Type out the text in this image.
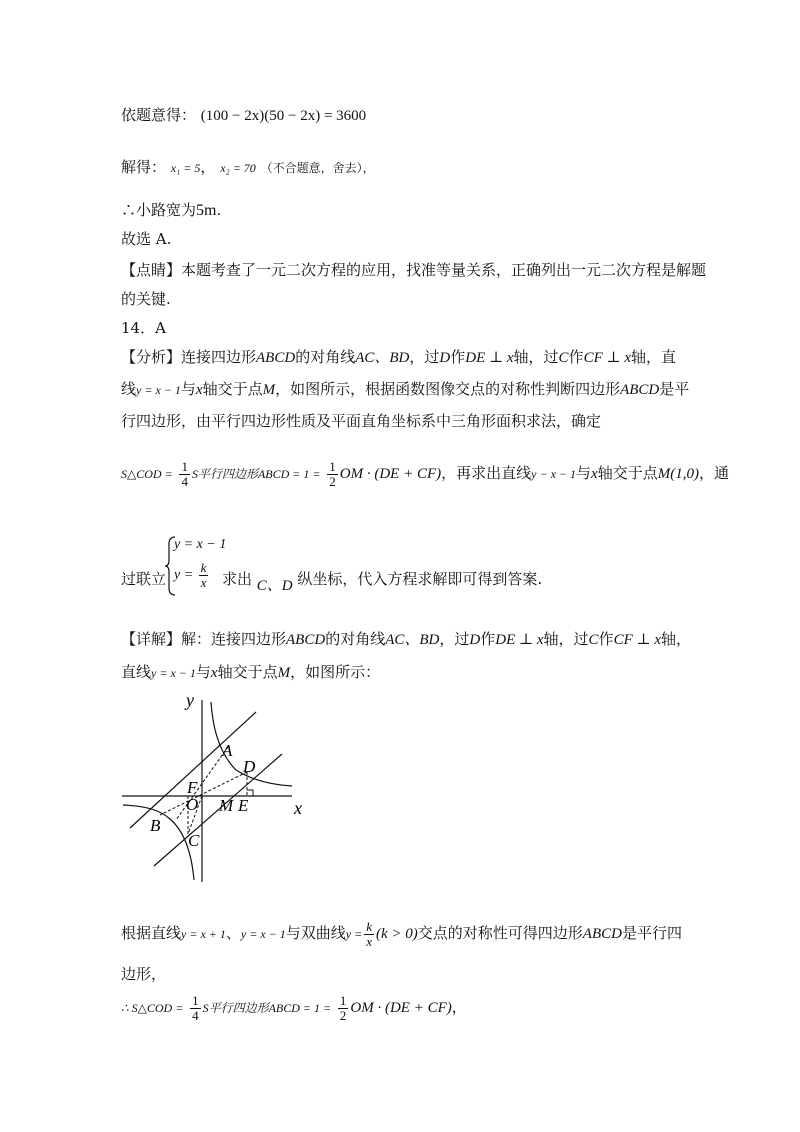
依题意得： (100 − 2x)(50 − 2x) = 3600
解得： x₁ = 5， x₂ = 70 （不合题意，舍去），
∴小路宽为5m.
故选 A.
【点睛】本题考查了一元二次方程的应用，找准等量关系，正确列出一元二次方程是解题
的关键.
14．A
【分析】连接四边形ABCD的对角线AC、BD，过D作DE ⊥ x轴，过C作CF ⊥ x轴，直
线y = x − 1与x轴交于点M，如图所示，根据函数图像交点的对称性判断四边形ABCD是平
行四边形，由平行四边形性质及平面直角坐标系中三角形面积求法，确定
S△COD = $\frac{1}{4}$ S平行四边形ABCD = $1 = \frac{1}{2}$ OM · (DE + CF)，再求出直线y − x − 1与x轴交于点M(1,0)，通
y = x − 1
$y = \frac{k}{x}$
过联立	求出 C、D 纵坐标，代入方程求解即可得到答案.
【详解】解：连接四边形ABCD的对角线AC、BD，过D作DE ⊥ x轴，过C作CF ⊥ x轴，
直线y = x − 1与x轴交于点M，如图所示：
y
x
A
D
F
O M E
B
C
根据直线y = x + 1、y = x − 1与双曲线$y = \frac{k}{x} (k > 0)$交点的对称性可得四边形ABCD是平行四
边形，
∴ S△COD = $\frac{1}{4}$ S平行四边形ABCD = $1 = \frac{1}{2}$ OM · (DE + CF)，
